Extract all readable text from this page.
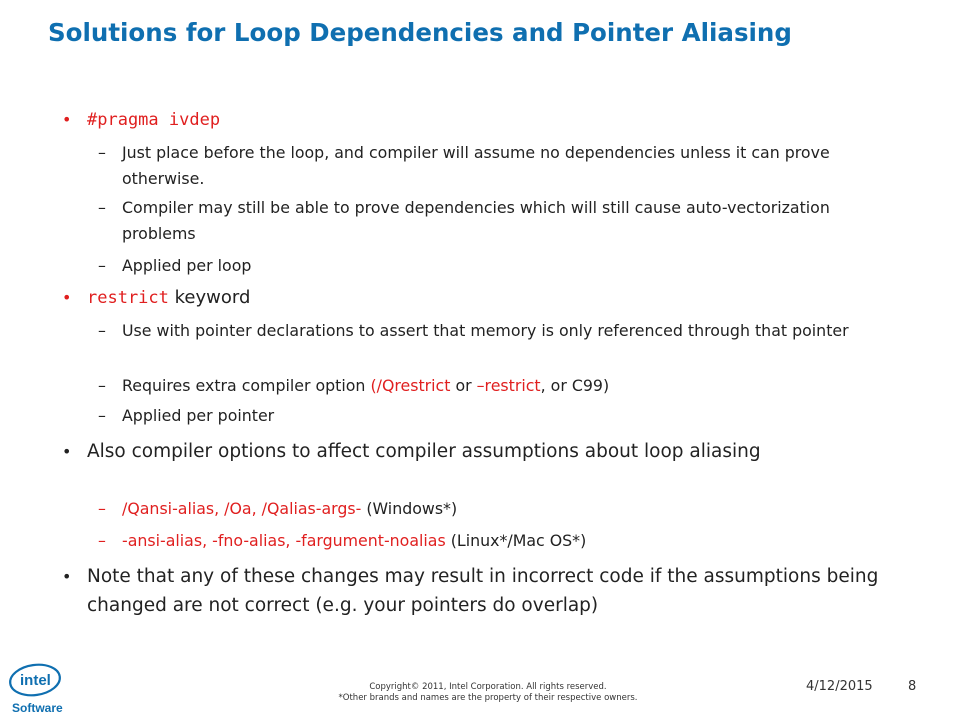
Solutions for Loop Dependencies and Pointer Aliasing
• #pragma ivdep
– Just place before the loop, and compiler will assume no dependencies unless it can prove otherwise.
– Compiler may still be able to prove dependencies which will still cause auto-vectorization problems
– Applied per loop
• restrict keyword
– Use with pointer declarations to assert that memory is only referenced through that pointer
– Requires extra compiler option (/Qrestrict or –restrict, or C99)
– Applied per pointer
• Also compiler options to affect compiler assumptions about loop aliasing
– /Qansi-alias, /Oa, /Qalias-args- (Windows*)
– -ansi-alias, -fno-alias, -fargument-noalias (Linux*/Mac OS*)
• Note that any of these changes may result in incorrect code if the assumptions being changed are not correct (e.g. your pointers do overlap)
intel
Software
Copyright© 2011, Intel Corporation. All rights reserved.
*Other brands and names are the property of their respective owners.
4/12/2015	8
